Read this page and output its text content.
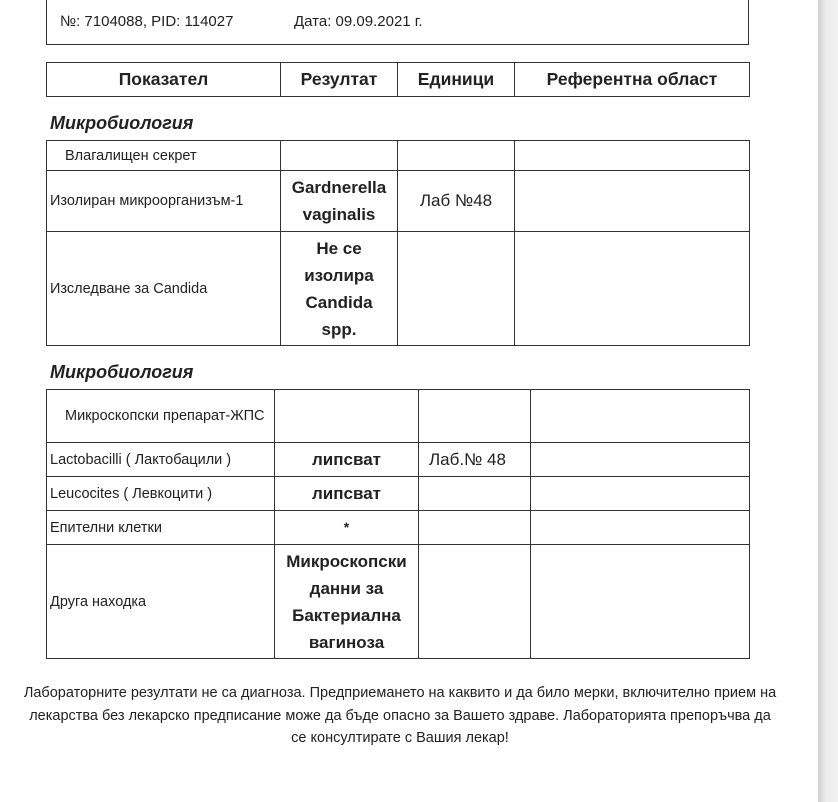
№: 7104088, PID: 114027	Дата: 09.09.2021 г.
Показател	Резултат	Единици	Референтна област
Микробиология
Влагалищен секрет			
Изолиран микроорганизъм-1	Gardnerella vaginalis	Лаб №48	
Изследване за Candida	Не се изолира Candida spp.		
Микробиология
Микроскопски препарат-ЖПС			
Lactobacilli ( Лактобацили )	липсват	Лаб.№ 48	
Leucocites ( Левкоцити )	липсват		
Епителни клетки	*		
Друга находка	Микроскопски данни за Бактериална вагиноза		
Лабораторните резултати не са диагноза. Предприемането на каквито и да било мерки, включително прием на лекарства без лекарско предписание може да бъде опасно за Вашето здраве. Лабораторията препоръчва да се консултирате с Вашия лекар!
